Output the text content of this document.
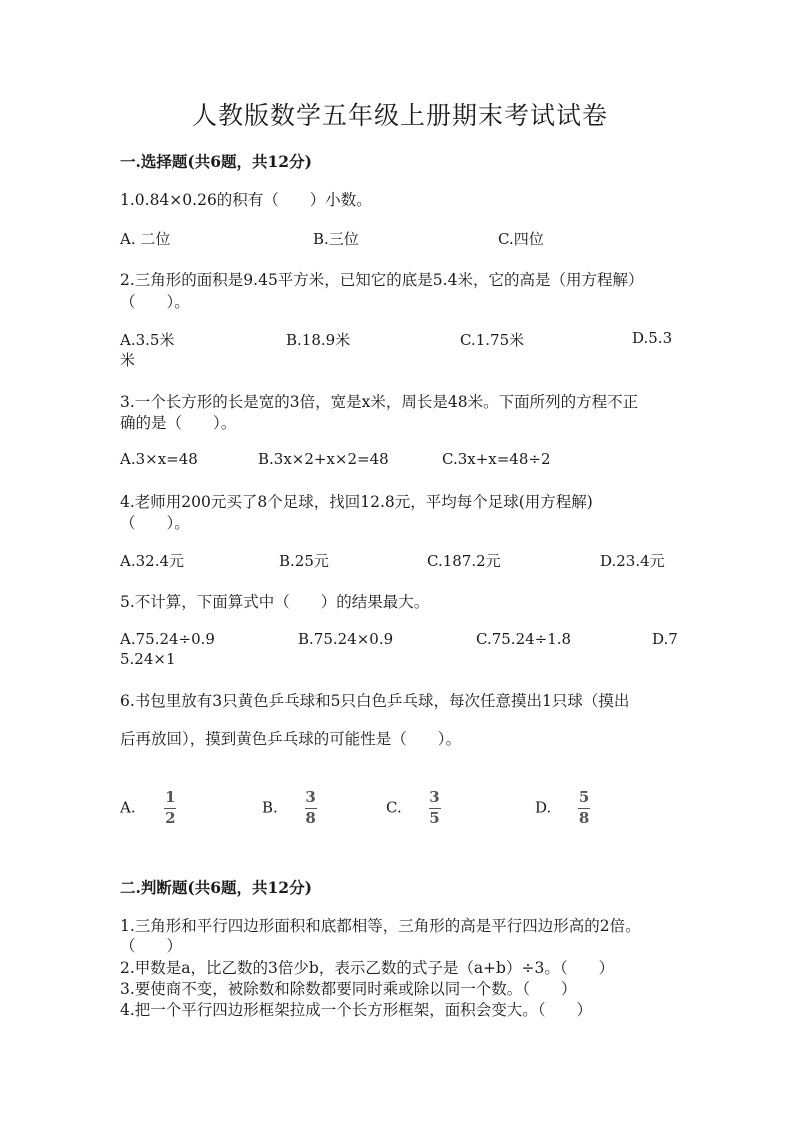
人教版数学五年级上册期末考试试卷
一.选择题(共6题，共12分)
1.0.84×0.26的积有（　　）小数。
A. 二位	B.三位	C.四位
2.三角形的面积是9.45平方米，已知它的底是5.4米，它的高是（用方程解）
（　　）。
A.3.5米	B.18.9米	C.1.75米	D.5.3
米
3.一个长方形的长是宽的3倍，宽是x米，周长是48米。下面所列的方程不正
确的是（　　）。
A.3×x=48	B.3x×2+x×2=48	C.3x+x=48÷2
4.老师用200元买了8个足球，找回12.8元，平均每个足球(用方程解)
（　　）。
A.32.4元	B.25元	C.187.2元	D.23.4元
5.不计算，下面算式中（　　）的结果最大。
A.75.24÷0.9	B.75.24×0.9	C.75.24÷1.8	D.7
5.24×1
6.书包里放有3只黄色乒乓球和5只白色乒乓球，每次任意摸出1只球（摸出
后再放回），摸到黄色乒乓球的可能性是（　　）。
A. $\frac{1}{2}$	B. $\frac{3}{8}$	C. $\frac{3}{5}$	D. $\frac{5}{8}$
二.判断题(共6题，共12分)
1.三角形和平行四边形面积和底都相等，三角形的高是平行四边形高的2倍。
（　　）
2.甲数是a，比乙数的3倍少b，表示乙数的式子是（a+b）÷3。（　　）
3.要使商不变，被除数和除数都要同时乘或除以同一个数。（　　）
4.把一个平行四边形框架拉成一个长方形框架，面积会变大。（　　）
